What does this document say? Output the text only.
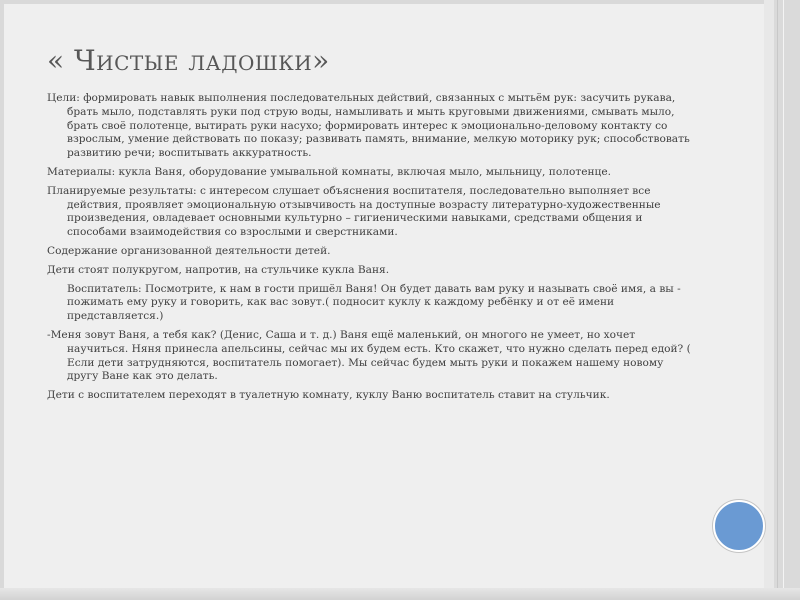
« Чистые ладошки»

Цели: формировать навык выполнения последовательных действий, связанных с мытьём рук: засучить рукава, брать мыло, подставлять руки под струю воды, намыливать и мыть круговыми движениями, смывать мыло, брать своё полотенце, вытирать руки насухо; формировать интерес к эмоционально-деловому контакту со взрослым, умение действовать по показу; развивать память, внимание, мелкую моторику рук; способствовать развитию речи; воспитывать аккуратность.

Материалы: кукла Ваня, оборудование умывальной комнаты, включая мыло, мыльницу, полотенце.

Планируемые результаты: с интересом слушает объяснения воспитателя, последовательно выполняет все действия, проявляет эмоциональную отзывчивость на доступные возрасту литературно-художественные произведения, овладевает основными культурно – гигиеническими навыками, средствами общения и способами взаимодействия со взрослыми и сверстниками.

Содержание организованной деятельности детей.

Дети стоят полукругом, напротив, на стульчике кукла Ваня.

Воспитатель: Посмотрите, к нам в гости пришёл Ваня! Он будет давать вам руку и называть своё имя, а вы - пожимать ему руку и говорить, как вас зовут.( подносит куклу к каждому ребёнку и от её имени представляется.)

-Меня зовут Ваня, а тебя как? (Денис, Саша и т. д.) Ваня ещё маленький, он многого не умеет, но хочет научиться. Няня принесла апельсины, сейчас мы их будем есть. Кто скажет, что нужно сделать перед едой? ( Если дети затрудняются, воспитатель помогает). Мы сейчас будем мыть руки и покажем нашему новому другу Ване как это делать.

Дети с воспитателем переходят в туалетную комнату, куклу Ваню воспитатель ставит на стульчик.
